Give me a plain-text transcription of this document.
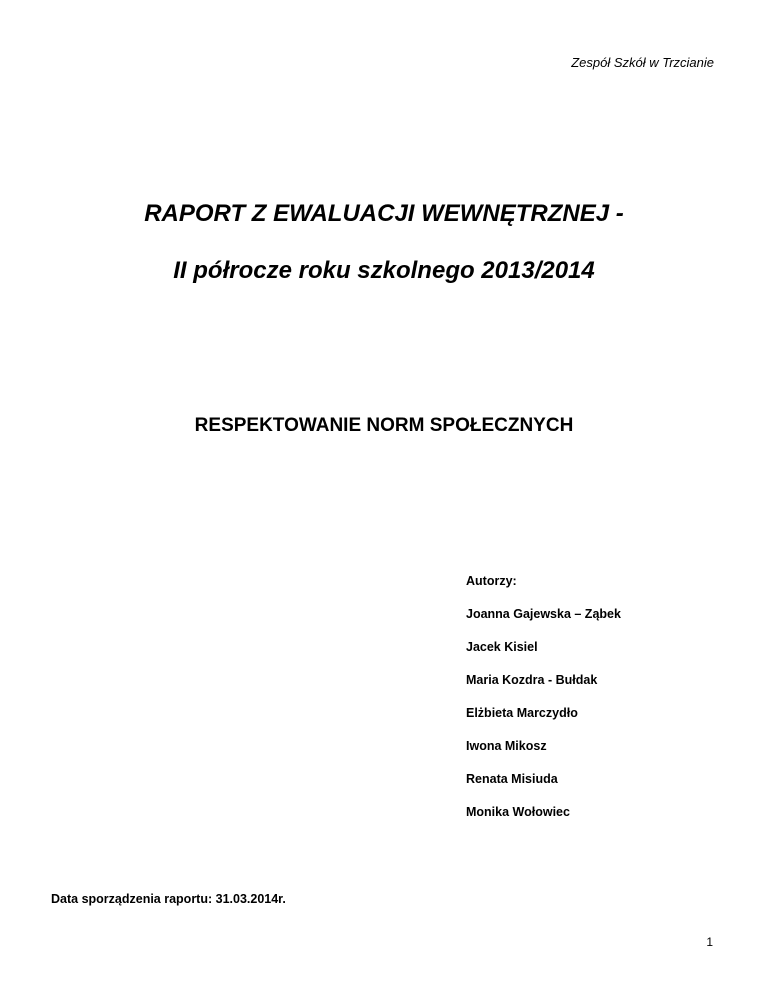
Zespół Szkół w Trzcianie
RAPORT Z EWALUACJI WEWNĘTRZNEJ -
II półrocze roku szkolnego 2013/2014
RESPEKTOWANIE NORM SPOŁECZNYCH
Autorzy:
Joanna Gajewska – Ząbek
Jacek Kisiel
Maria Kozdra - Bułdak
Elżbieta Marczydło
Iwona Mikosz
Renata Misiuda
Monika Wołowiec
Data sporządzenia raportu: 31.03.2014r.
1
